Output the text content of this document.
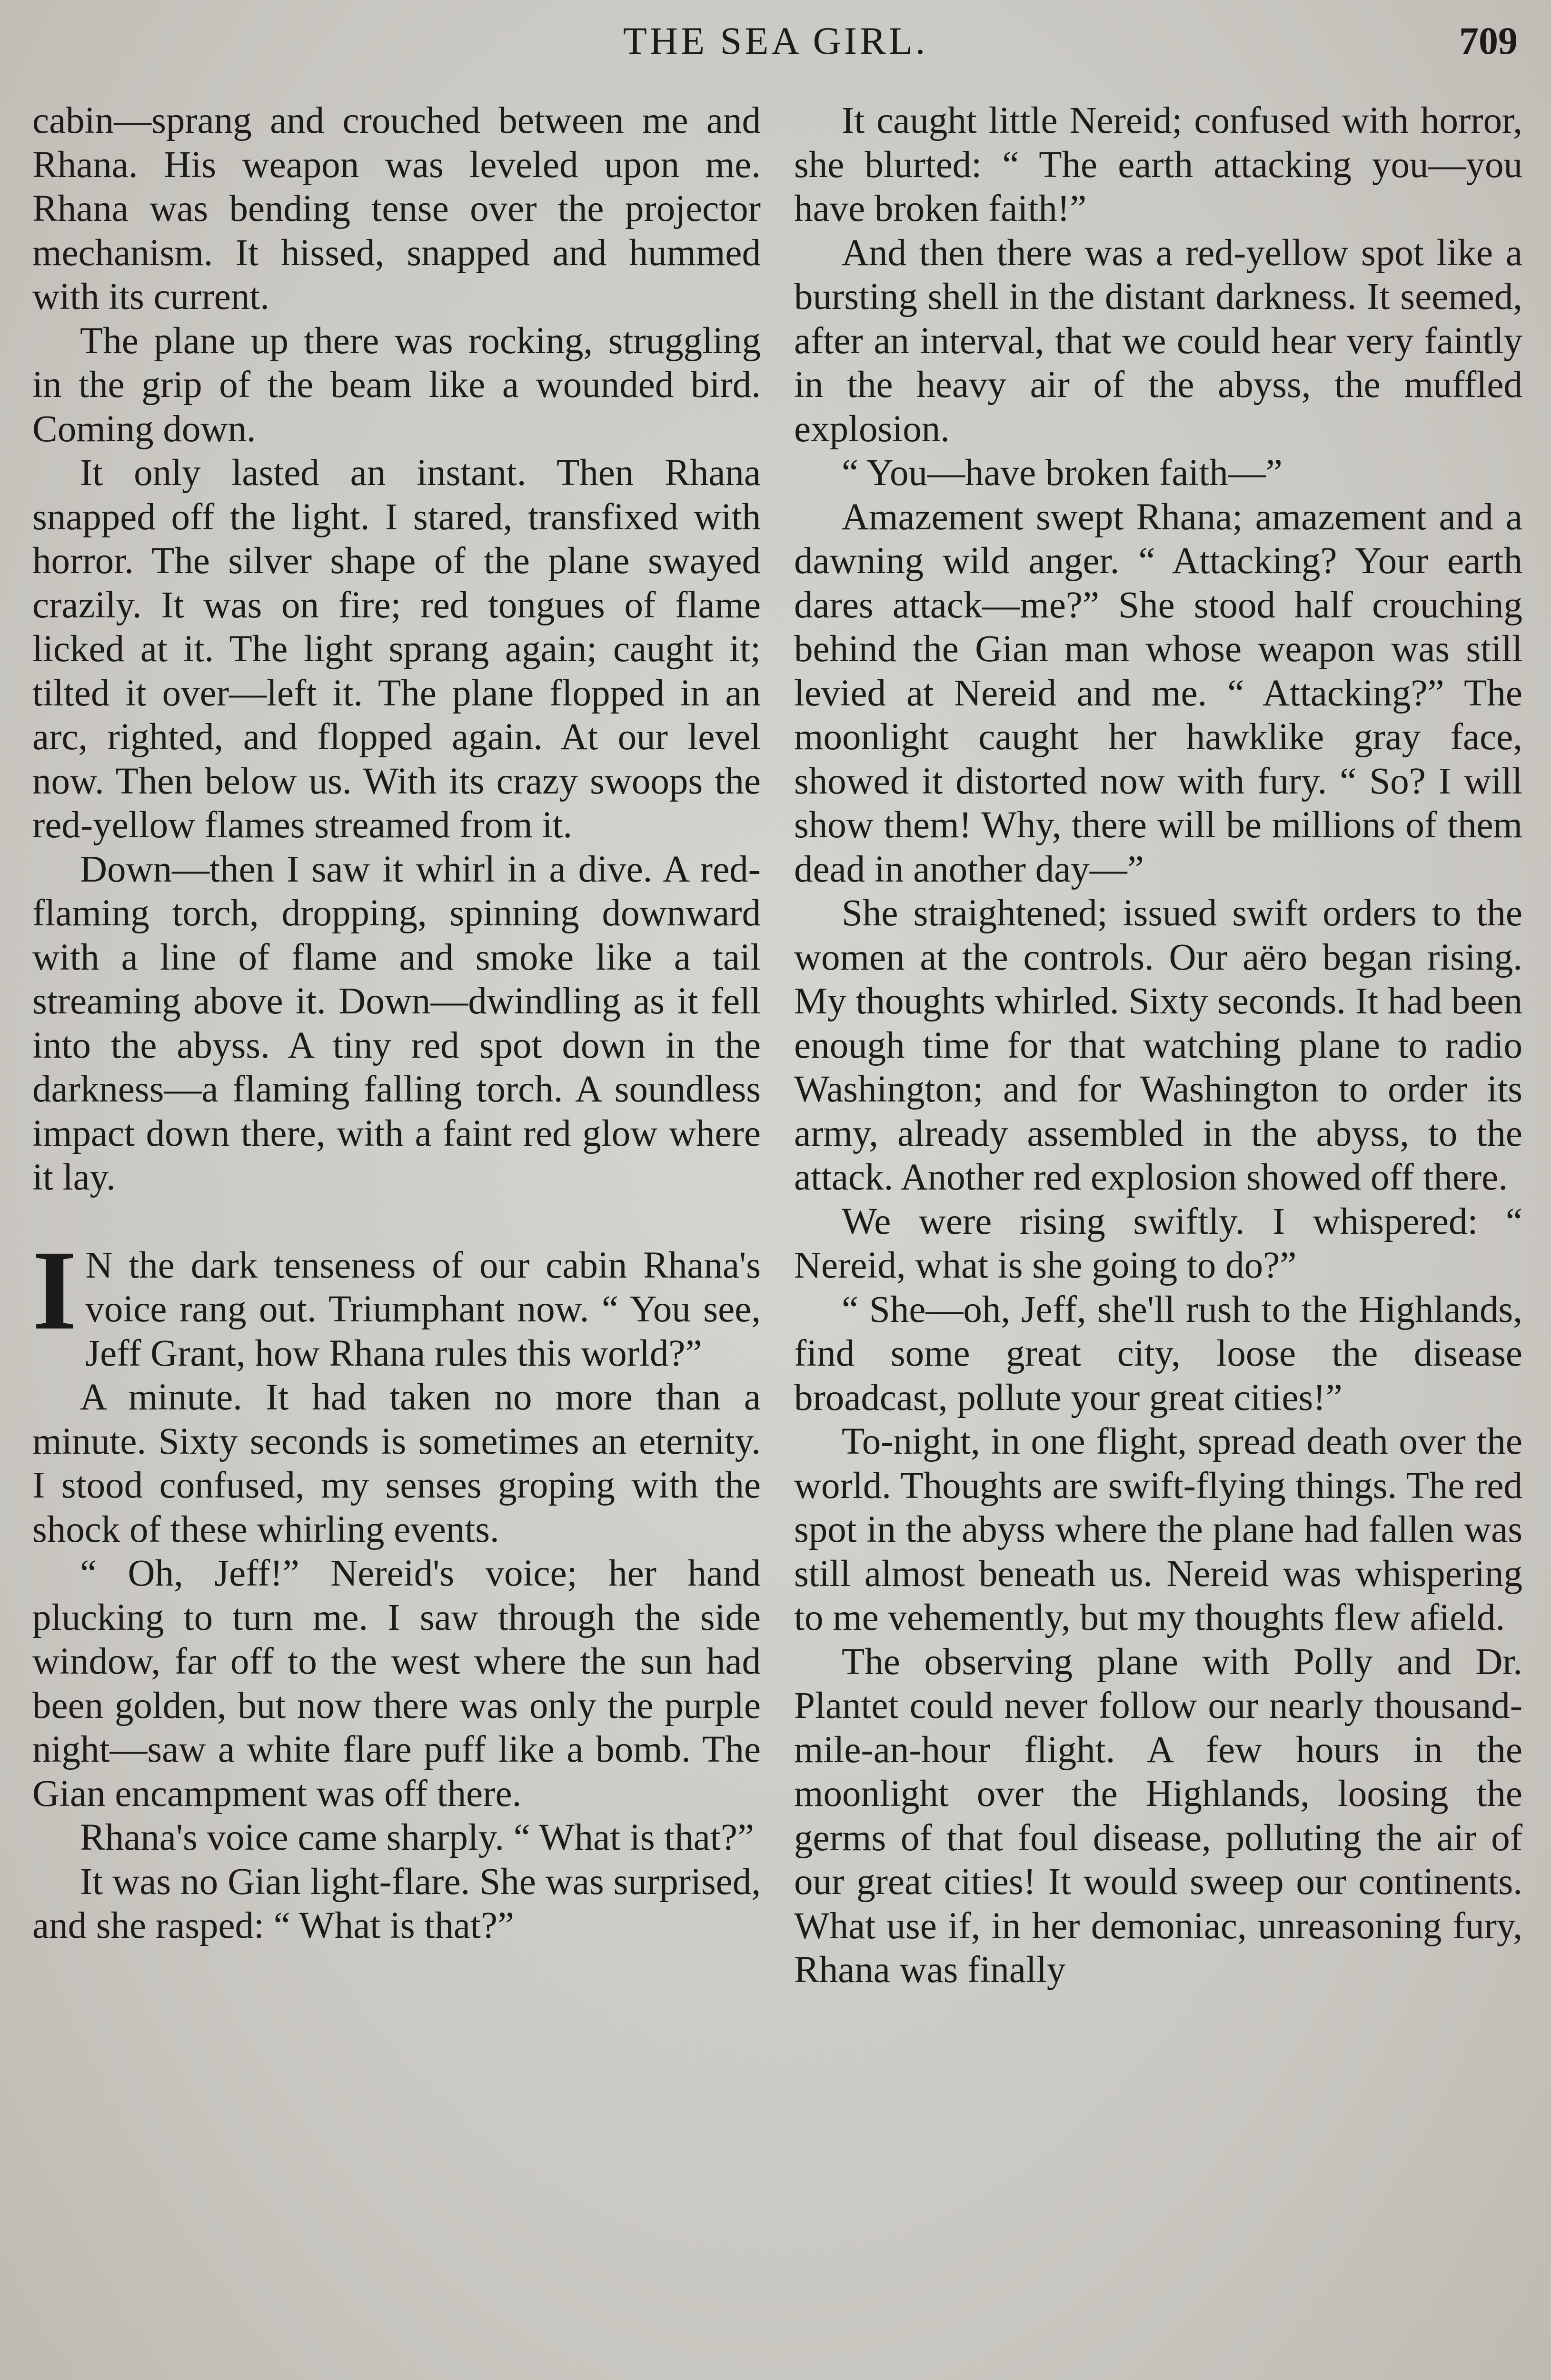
THE SEA GIRL.	709

cabin—sprang and crouched between me and Rhana. His weapon was leveled upon me. Rhana was bending tense over the projector mechanism. It hissed, snapped and hummed with its current.

The plane up there was rocking, struggling in the grip of the beam like a wounded bird. Coming down.

It only lasted an instant. Then Rhana snapped off the light. I stared, transfixed with horror. The silver shape of the plane swayed crazily. It was on fire; red tongues of flame licked at it. The light sprang again; caught it; tilted it over—left it. The plane flopped in an arc, righted, and flopped again. At our level now. Then below us. With its crazy swoops the red-yellow flames streamed from it.

Down—then I saw it whirl in a dive. A red-flaming torch, dropping, spinning downward with a line of flame and smoke like a tail streaming above it. Down—dwindling as it fell into the abyss. A tiny red spot down in the darkness—a flaming falling torch. A soundless impact down there, with a faint red glow where it lay.

I N the dark tenseness of our cabin Rhana's voice rang out. Triumphant now. “ You see, Jeff Grant, how Rhana rules this world?”

A minute. It had taken no more than a minute. Sixty seconds is sometimes an eternity. I stood confused, my senses groping with the shock of these whirling events.

“ Oh, Jeff!” Nereid's voice; her hand plucking to turn me. I saw through the side window, far off to the west where the sun had been golden, but now there was only the purple night—saw a white flare puff like a bomb. The Gian encampment was off there.

Rhana's voice came sharply. “ What is that?”

It was no Gian light-flare. She was surprised, and she rasped: “ What is that?”

It caught little Nereid; confused with horror, she blurted: “ The earth attacking you—you have broken faith!”

And then there was a red-yellow spot like a bursting shell in the distant darkness. It seemed, after an interval, that we could hear very faintly in the heavy air of the abyss, the muffled explosion.

“ You—have broken faith—”

Amazement swept Rhana; amazement and a dawning wild anger. “ Attacking? Your earth dares attack—me?” She stood half crouching behind the Gian man whose weapon was still levied at Nereid and me. “ Attacking?” The moonlight caught her hawklike gray face, showed it distorted now with fury. “ So? I will show them! Why, there will be millions of them dead in another day—”

She straightened; issued swift orders to the women at the controls. Our aëro began rising. My thoughts whirled. Sixty seconds. It had been enough time for that watching plane to radio Washington; and for Washington to order its army, already assembled in the abyss, to the attack. Another red explosion showed off there.

We were rising swiftly. I whispered: “ Nereid, what is she going to do?”

“ She—oh, Jeff, she'll rush to the Highlands, find some great city, loose the disease broadcast, pollute your great cities!”

To-night, in one flight, spread death over the world. Thoughts are swift-flying things. The red spot in the abyss where the plane had fallen was still almost beneath us. Nereid was whispering to me vehemently, but my thoughts flew afield.

The observing plane with Polly and Dr. Plantet could never follow our nearly thousand-mile-an-hour flight. A few hours in the moonlight over the Highlands, loosing the germs of that foul disease, polluting the air of our great cities! It would sweep our continents. What use if, in her demoniac, unreasoning fury, Rhana was finally
